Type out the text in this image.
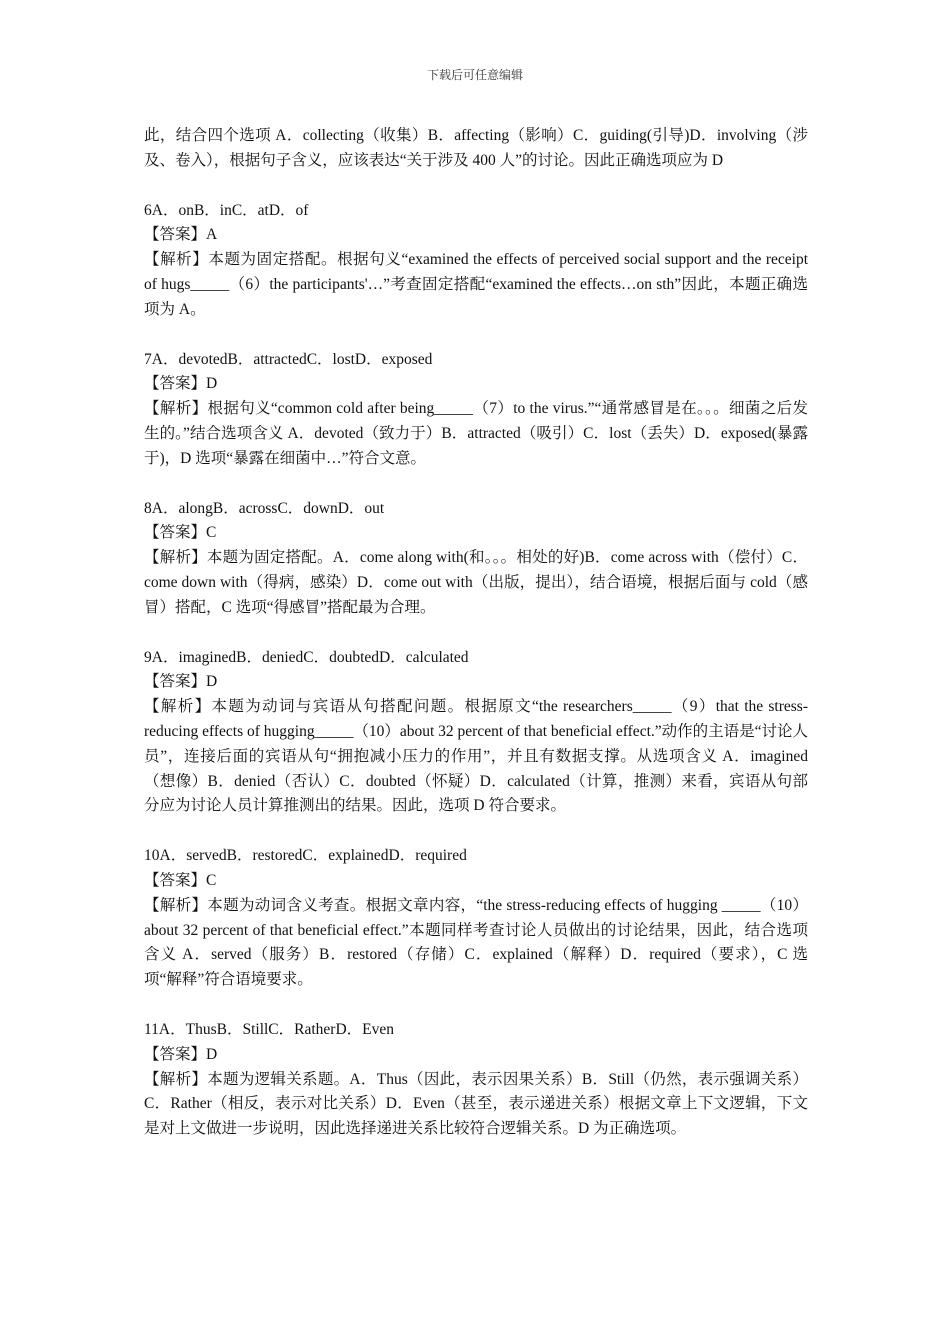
下载后可任意编辑

此，结合四个选项 A．collecting（收集）B．affecting（影响）C．guiding(引导)D．involving（涉及、卷入），根据句子含义，应该表达“关于涉及 400 人”的讨论。因此正确选项应为 D

6A．onB．inC．atD．of

【答案】A

【解析】本题为固定搭配。根据句义“examined the effects of perceived social support and the receipt of hugs_____（6）the participants'…”考查固定搭配“examined the effects…on sth”因此，本题正确选项为 A。

7A．devotedB．attractedC．lostD．exposed

【答案】D

【解析】根据句义“common cold after being_____（7）to the virus.”“通常感冒是在。。。细菌之后发生的。”结合选项含义 A．devoted（致力于）B．attracted（吸引）C．lost（丢失）D．exposed(暴露于)，D 选项“暴露在细菌中…”符合文意。

8A．alongB．acrossC．downD．out

【答案】C

【解析】本题为固定搭配。A．come along with(和。。。相处的好)B．come across with（偿付）C．come down with（得病，感染）D．come out with（出版，提出），结合语境，根据后面与 cold（感冒）搭配，C 选项“得感冒”搭配最为合理。

9A．imaginedB．deniedC．doubtedD．calculated

【答案】D

【解析】本题为动词与宾语从句搭配问题。根据原文“the researchers_____（9）that the stress-reducing effects of hugging_____（10）about 32 percent of that beneficial effect.”动作的主语是“讨论人员”，连接后面的宾语从句“拥抱减小压力的作用”，并且有数据支撑。从选项含义 A．imagined（想像）B．denied（否认）C．doubted（怀疑）D．calculated（计算，推测）来看，宾语从句部分应为讨论人员计算推测出的结果。因此，选项 D 符合要求。

10A．servedB．restoredC．explainedD．required

【答案】C

【解析】本题为动词含义考查。根据文章内容，“the stress-reducing effects of hugging _____（10）about 32 percent of that beneficial effect.”本题同样考查讨论人员做出的讨论结果，因此，结合选项含义 A．served（服务）B．restored（存储）C．explained（解释）D．required（要求），C 选项“解释”符合语境要求。

11A．ThusB．StillC．RatherD．Even

【答案】D

【解析】本题为逻辑关系题。A．Thus（因此，表示因果关系）B．Still（仍然，表示强调关系）C．Rather（相反，表示对比关系）D．Even（甚至，表示递进关系）根据文章上下文逻辑，下文是对上文做进一步说明，因此选择递进关系比较符合逻辑关系。D 为正确选项。
